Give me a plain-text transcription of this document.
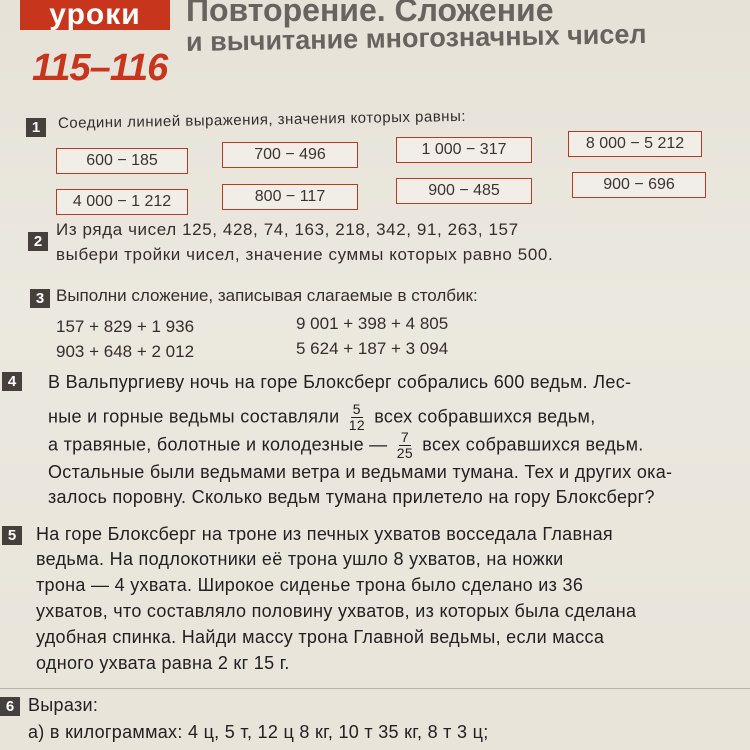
уроки
115–116
Повторение. Сложение
и вычитание многозначных чисел
1	Соедини линией выражения, значения которых равны:
600 − 185	700 − 496	1 000 − 317	8 000 − 5 212
4 000 − 1 212	800 − 117	900 − 485	900 − 696
2
Из ряда чисел 125, 428, 74, 163, 218, 342, 91, 263, 157
выбери тройки чисел, значение суммы которых равно 500.
3 Выполни сложение, записывая слагаемые в столбик:
157 + 829 + 1 936
903 + 648 + 2 012
9 001 + 398 + 4 805
5 624 + 187 + 3 094
4	В Вальпургиеву ночь на горе Блоксберг собрались 600 ведьм. Лес-
ные и горные ведьмы составляли $\frac{5}{12}$ всех собравшихся ведьм,
а травяные, болотные и колодезные — $\frac{7}{25}$ всех собравшихся ведьм.
Остальные были ведьмами ветра и ведьмами тумана. Тех и других ока-
залось поровну. Сколько ведьм тумана прилетело на гору Блоксберг?
5	На горе Блоксберг на троне из печных ухватов восседала Главная
ведьма. На подлокотники её трона ушло 8 ухватов, на ножки
трона — 4 ухвата. Широкое сиденье трона было сделано из 36
ухватов, что составляло половину ухватов, из которых была сделана
удобная спинка. Найди массу трона Главной ведьмы, если масса
одного ухвата равна 2 кг 15 г.
6 Вырази:
а) в килограммах: 4 ц, 5 т, 12 ц 8 кг, 10 т 35 кг, 8 т 3 ц;
